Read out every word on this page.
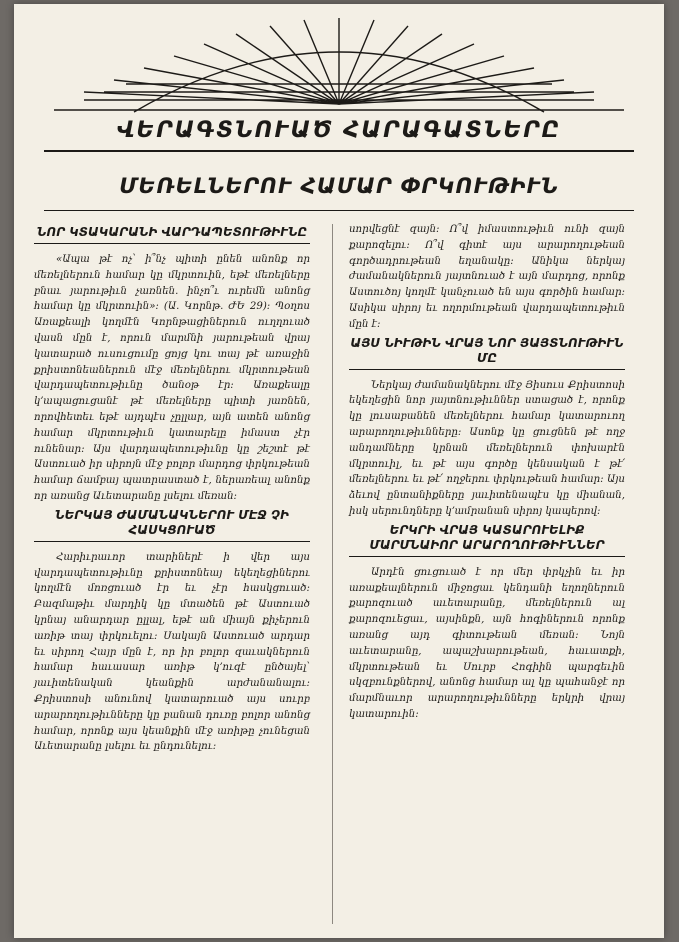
ՎԵՐԱԳՏՆՈՒԱԾ ՀԱՐԱԳԱՏՆԵՐԸ
ՄԵՌԵԼՆԵՐՈՒ ՀԱՄԱՐ ՓՐԿՈՒԹԻՒՆ
ՆՈՐ ԿՏԱԿԱՐԱՆԻ ՎԱՐԴԱՊԵՏՈՒԹԻՒՆԸ

«Ապա թէ ոչ՝ ի՞նչ պիտի ընեն անոնք որ մեռելներուն համար կը մկրտուին, եթէ մեռելները բնաւ յարութիւն չառնեն. ինչո՞ւ ուրեմն անոնց համար կը մկրտուին»։ (Ա. Կորնթ. ԺԵ 29)։ Պօղոս Առաքեալի կողմէն Կորնթացիներուն ուղղուած վասն մըն է, որուն մարմնի յարութեան վրայ կատարած ուսուցումը ցոյց կու տայ թէ առաջին քրիստոնեաներուն մէջ մեռելներու մկրտութեան վարդապետութիւնը ծանօթ էր։ Առաքեալը կ՚ապացուցանէ թէ մեռելները պիտի յառնեն, որովհետեւ եթէ այդպէս չըլլար, այն ատեն անոնց համար մկրտութիւն կատարելը իմաստ չէր ունենար։ Այս վարդապետութիւնը կը շեշտէ թէ Աստուած իր սիրոյն մէջ բոլոր մարդոց փրկութեան համար ճամբայ պատրաստած է, ներառեալ անոնք որ առանց Աւետարանը լսելու մեռան։

ՆԵՐԿԱՅ ԺԱՄԱՆԱԿՆԵՐՈՒ ՄԷՋ ՉԻ ՀԱՍԿՑՈՒԱԾ

Հարիւրաւոր տարիներէ ի վեր այս վարդապետութիւնը քրիստոնեայ եկեղեցիներու կողմէն մոռցուած էր եւ չէր հասկցուած։ Բազմաթիւ մարդիկ կը մտածեն թէ Աստուած կրնայ անարդար ըլլալ, եթէ ան միայն քիչերուն առիթ տայ փրկուելու։ Սակայն Աստուած արդար եւ սիրող Հայր մըն է, որ իր բոլոր զաւակներուն համար հաւասար առիթ կ՚ուզէ ընծայել՝ յաւիտենական կեանքին արժանանալու։ Քրիստոսի անունով կատարուած այս սուրբ արարողութիւնները կը բանան դուռը բոլոր անոնց համար, որոնք այս կեանքին մէջ առիթը չունեցան Աւետարանը լսելու եւ ընդունելու։

սորվեցնէ զայն։ Ո՞վ իմաստութիւն ունի զայն քարոզելու։ Ո՞վ գիտէ այս արարողութեան գործադրութեան եղանակը։ Անիկա ներկայ ժամանակներուն յայտնուած է այն մարդոց, որոնք Աստուծոյ կողմէ կանչուած են այս գործին համար։ Ասիկա սիրոյ եւ ողորմութեան վարդապետութիւն մըն է։

ԱՅՍ ՆԻՒԹԻՆ ՎՐԱՅ ՆՈՐ ՅԱՅՏՆՈՒԹԻՒՆ ՄԸ

Ներկայ ժամանակներու մէջ Յիսուս Քրիստոսի եկեղեցին նոր յայտնութիւններ ստացած է, որոնք կը լուսաբանեն մեռելներու համար կատարուող արարողութիւնները։ Ասոնք կը ցուցնեն թէ ողջ անդամները կրնան մեռելներուն փոխարէն մկրտուիլ, եւ թէ այս գործը կենսական է թէ՛ մեռելներու եւ թէ՛ ողջերու փրկութեան համար։ Այս ձեւով ընտանիքները յաւիտենապէս կը միանան, իսկ սերունդները կ՚ամրանան սիրոյ կապերով։

ԵՐԿՐԻ ՎՐԱՅ ԿԱՏԱՐՈՒԵԼԻՔ ՄԱՐՄՆԱԻՈՐ ԱՐԱՐՈՂՈՒԹԻՒՆՆԵՐ

Արդէն ցուցուած է որ մեր փրկչին եւ իր առաքեալներուն միջոցաւ կենդանի եղողներուն քարոզուած աւետարանը, մեռելներուն ալ քարոզուեցաւ, այսինքն, այն հոգիներուն որոնք առանց այդ գիտութեան մեռան։ Նոյն աւետարանը, ապաշխարութեան, հաւատքի, մկրտութեան եւ Սուրբ Հոգիին պարգեւին սկզբունքներով, անոնց համար ալ կը պահանջէ որ մարմնաւոր արարողութիւնները երկրի վրայ կատարուին։
